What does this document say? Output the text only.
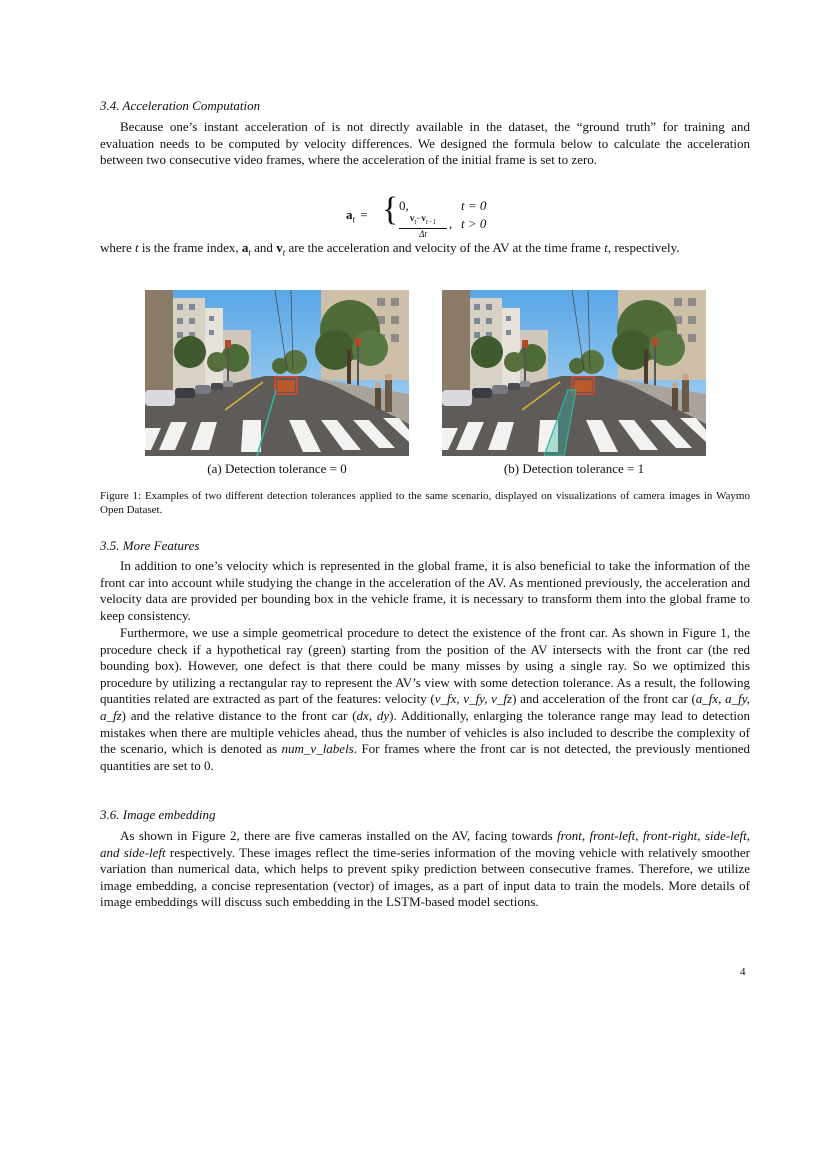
3.4. Acceleration Computation

Because one’s instant acceleration of is not directly available in the dataset, the “ground truth” for training and evaluation needs to be computed by velocity differences. We designed the formula below to calculate the acceleration between two consecutive video frames, where the acceleration of the initial frame is set to zero.

$a_t$ = { 0,	t = 0
$v_t-v_{t-1}$
Δt
, t > 0

where t is the frame index, $a_t$ and $v_t$ are the acceleration and velocity of the AV at the time frame t, respectively.

(a) Detection tolerance = 0	(b) Detection tolerance = 1
Figure 1: Examples of two different detection tolerances applied to the same scenario, displayed on visualizations of camera images in Waymo Open Dataset.
3.5. More Features

In addition to one’s velocity which is represented in the global frame, it is also beneficial to take the information of the front car into account while studying the change in the acceleration of the AV. As mentioned previously, the acceleration and velocity data are provided per bounding box in the vehicle frame, it is necessary to transform them into the global frame to keep consistency.

Furthermore, we use a simple geometrical procedure to detect the existence of the front car. As shown in Figure 1, the procedure check if a hypothetical ray (green) starting from the position of the AV intersects with the front car (the red bounding box). However, one defect is that there could be many misses by using a single ray. So we optimized this procedure by utilizing a rectangular ray to represent the AV’s view with some detection tolerance. As a result, the following quantities related are extracted as part of the features: velocity (v_fx, v_fy, v_fz) and acceleration of the front car (a_fx, a_fy, a_fz) and the relative distance to the front car (dx, dy). Additionally, enlarging the tolerance range may lead to detection mistakes when there are multiple vehicles ahead, thus the number of vehicles is also included to describe the complexity of the scenario, which is denoted as num_v_labels. For frames where the front car is not detected, the previously mentioned quantities are set to 0.

3.6. Image embedding

As shown in Figure 2, there are five cameras installed on the AV, facing towards front, front-left, front-right, side-left, and side-left respectively. These images reflect the time-series information of the moving vehicle with relatively smoother variation than numerical data, which helps to prevent spiky prediction between consecutive frames. Therefore, we utilize image embedding, a concise representation (vector) of images, as a part of input data to train the models. More details of image embeddings will discuss such embedding in the LSTM-based model sections.

4
